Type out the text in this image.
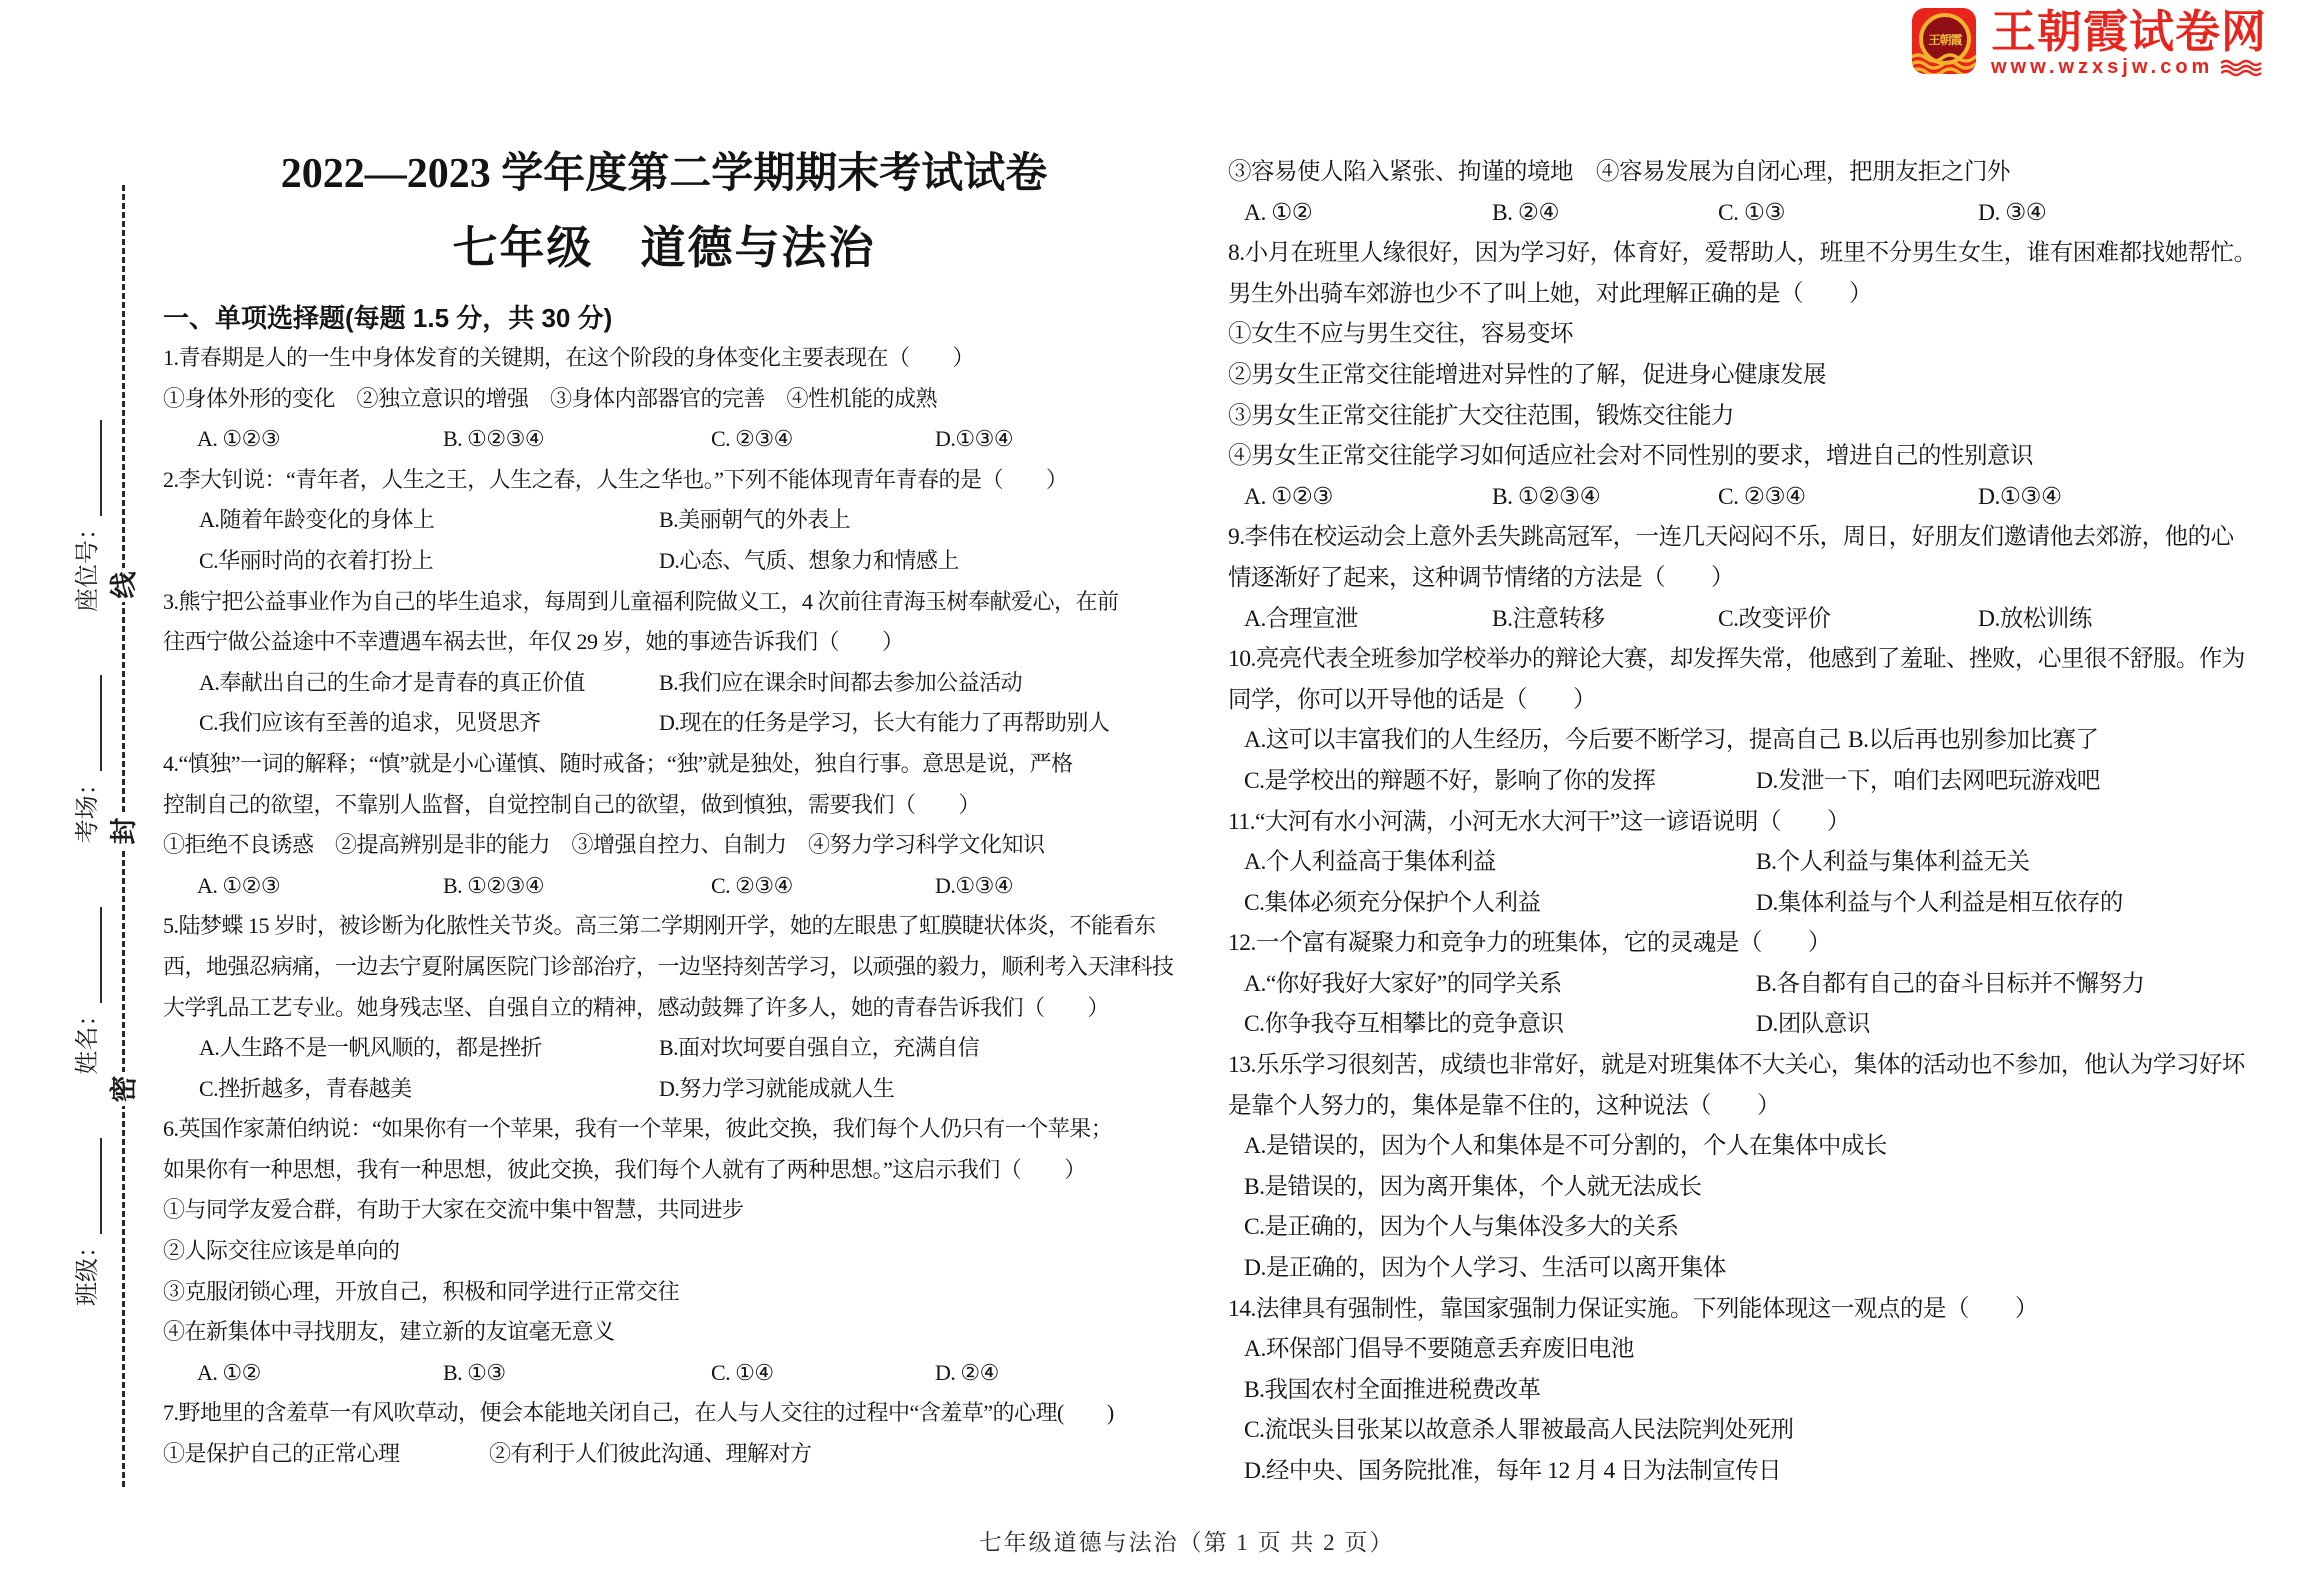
王朝霞 王朝霞试卷网
www.wzxsjw.com
线
封
密
班级：
姓名：
考场：
座位号：
2022—2023 学年度第二学期期末考试试卷
七年级　道德与法治
一、单项选择题(每题 1.5 分，共 30 分)
1.青春期是人的一生中身体发育的关键期，在这个阶段的身体变化主要表现在（　　）
①身体外形的变化　②独立意识的增强　③身体内部器官的完善　④性机能的成熟
A. ①②③	B. ①②③④	C. ②③④	D.①③④
2.李大钊说：“青年者，人生之王，人生之春，人生之华也。”下列不能体现青年青春的是（　　）
A.随着年龄变化的身体上	B.美丽朝气的外表上
C.华丽时尚的衣着打扮上	D.心态、气质、想象力和情感上
3.熊宁把公益事业作为自己的毕生追求，每周到儿童福利院做义工，4 次前往青海玉树奉献爱心，在前
往西宁做公益途中不幸遭遇车祸去世，年仅 29 岁，她的事迹告诉我们（　　）
A.奉献出自己的生命才是青春的真正价值	B.我们应在课余时间都去参加公益活动
C.我们应该有至善的追求，见贤思齐	D.现在的任务是学习，长大有能力了再帮助别人
4.“慎独”一词的解释；“慎”就是小心谨慎、随时戒备；“独”就是独处，独自行事。意思是说，严格
控制自己的欲望，不靠别人监督，自觉控制自己的欲望，做到慎独，需要我们（　　）
①拒绝不良诱惑　②提高辨别是非的能力　③增强自控力、自制力　④努力学习科学文化知识
A. ①②③	B. ①②③④	C. ②③④	D.①③④
5.陆梦蝶 15 岁时，被诊断为化脓性关节炎。高三第二学期刚开学，她的左眼患了虹膜睫状体炎，不能看东
西，地强忍病痛，一边去宁夏附属医院门诊部治疗，一边坚持刻苦学习，以顽强的毅力，顺利考入天津科技
大学乳品工艺专业。她身残志坚、自强自立的精神，感动鼓舞了许多人，她的青春告诉我们（　　）
A.人生路不是一帆风顺的，都是挫折	B.面对坎坷要自强自立，充满自信
C.挫折越多，青春越美	D.努力学习就能成就人生
6.英国作家萧伯纳说：“如果你有一个苹果，我有一个苹果，彼此交换，我们每个人仍只有一个苹果；
如果你有一种思想，我有一种思想，彼此交换，我们每个人就有了两种思想。”这启示我们（　　）
①与同学友爱合群，有助于大家在交流中集中智慧，共同进步
②人际交往应该是单向的
③克服闭锁心理，开放自己，积极和同学进行正常交往
④在新集体中寻找朋友，建立新的友谊毫无意义
A. ①②	B. ①③	C. ①④	D. ②④
7.野地里的含羞草一有风吹草动，便会本能地关闭自己，在人与人交往的过程中“含羞草”的心理(　　)
①是保护自己的正常心理	②有利于人们彼此沟通、理解对方
③容易使人陷入紧张、拘谨的境地　④容易发展为自闭心理，把朋友拒之门外
A. ①②	B. ②④	C. ①③	D. ③④
8.小月在班里人缘很好，因为学习好，体育好，爱帮助人，班里不分男生女生，谁有困难都找她帮忙。
男生外出骑车郊游也少不了叫上她，对此理解正确的是（　　）
①女生不应与男生交往，容易变坏
②男女生正常交往能增进对异性的了解，促进身心健康发展
③男女生正常交往能扩大交往范围，锻炼交往能力
④男女生正常交往能学习如何适应社会对不同性别的要求，增进自己的性别意识
A. ①②③	B. ①②③④	C. ②③④	D.①③④
9.李伟在校运动会上意外丢失跳高冠军，一连几天闷闷不乐，周日，好朋友们邀请他去郊游，他的心
情逐渐好了起来，这种调节情绪的方法是（　　）
A.合理宣泄	B.注意转移	C.改变评价	D.放松训练
10.亮亮代表全班参加学校举办的辩论大赛，却发挥失常，他感到了羞耻、挫败，心里很不舒服。作为
同学，你可以开导他的话是（　　）
A.这可以丰富我们的人生经历，今后要不断学习，提高自己 B.以后再也别参加比赛了
C.是学校出的辩题不好，影响了你的发挥	D.发泄一下，咱们去网吧玩游戏吧
11.“大河有水小河满，小河无水大河干”这一谚语说明（　　）
A.个人利益高于集体利益	B.个人利益与集体利益无关
C.集体必须充分保护个人利益	D.集体利益与个人利益是相互依存的
12.一个富有凝聚力和竞争力的班集体，它的灵魂是（　　）
A.“你好我好大家好”的同学关系	B.各自都有自己的奋斗目标并不懈努力
C.你争我夺互相攀比的竞争意识	D.团队意识
13.乐乐学习很刻苦，成绩也非常好，就是对班集体不大关心，集体的活动也不参加，他认为学习好坏
是靠个人努力的，集体是靠不住的，这种说法（　　）
A.是错误的，因为个人和集体是不可分割的，个人在集体中成长
B.是错误的，因为离开集体，个人就无法成长
C.是正确的，因为个人与集体没多大的关系
D.是正确的，因为个人学习、生活可以离开集体
14.法律具有强制性，靠国家强制力保证实施。下列能体现这一观点的是（　　）
A.环保部门倡导不要随意丢弃废旧电池
B.我国农村全面推进税费改革
C.流氓头目张某以故意杀人罪被最高人民法院判处死刑
D.经中央、国务院批准，每年 12 月 4 日为法制宣传日
七年级道德与法治（第 1 页 共 2 页）
